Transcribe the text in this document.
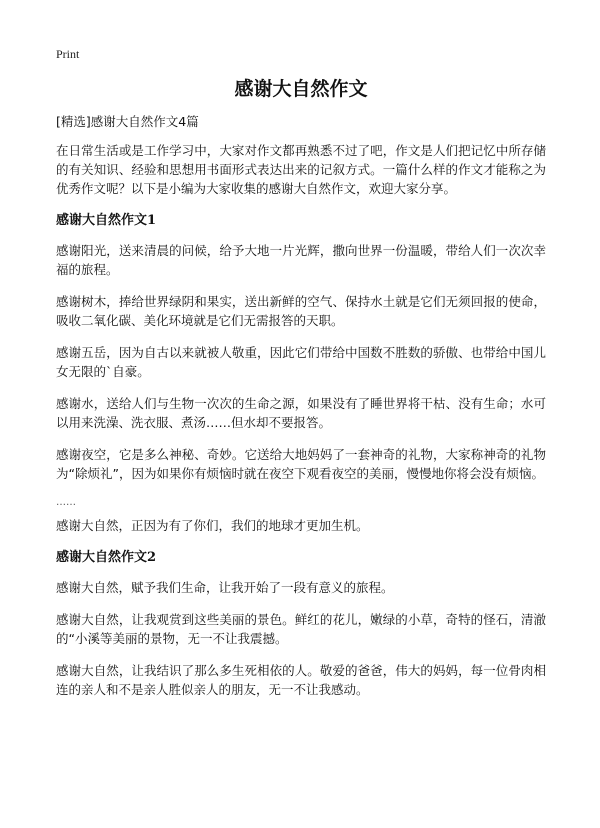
Print
感谢大自然作文
[精选]感谢大自然作文4篇

在日常生活或是工作学习中，大家对作文都再熟悉不过了吧，作文是人们把记忆中所存储的有关知识、经验和思想用书面形式表达出来的记叙方式。一篇什么样的作文才能称之为优秀作文呢？以下是小编为大家收集的感谢大自然作文，欢迎大家分享。

感谢大自然作文1

感谢阳光，送来清晨的问候，给予大地一片光辉，撒向世界一份温暖，带给人们一次次幸福的旅程。

感谢树木，捧给世界绿阴和果实，送出新鲜的空气、保持水土就是它们无须回报的使命，吸收二氧化碳、美化环境就是它们无需报答的天职。

感谢五岳，因为自古以来就被人敬重，因此它们带给中国数不胜数的骄傲、也带给中国儿女无限的`自豪。

感谢水，送给人们与生物一次次的生命之源，如果没有了睡世界将干枯、没有生命；水可以用来洗澡、洗衣服、煮汤……但水却不要报答。

感谢夜空，它是多么神秘、奇妙。它送给大地妈妈了一套神奇的礼物，大家称神奇的礼物为“除烦礼”，因为如果你有烦恼时就在夜空下观看夜空的美丽，慢慢地你将会没有烦恼。

……

感谢大自然，正因为有了你们，我们的地球才更加生机。

感谢大自然作文2

感谢大自然，赋予我们生命，让我开始了一段有意义的旅程。

感谢大自然，让我观赏到这些美丽的景色。鲜红的花儿，嫩绿的小草，奇特的怪石，清澈的“小溪等美丽的景物，无一不让我震撼。

感谢大自然，让我结识了那么多生死相依的人。敬爱的爸爸，伟大的妈妈，每一位骨肉相连的亲人和不是亲人胜似亲人的朋友，无一不让我感动。
